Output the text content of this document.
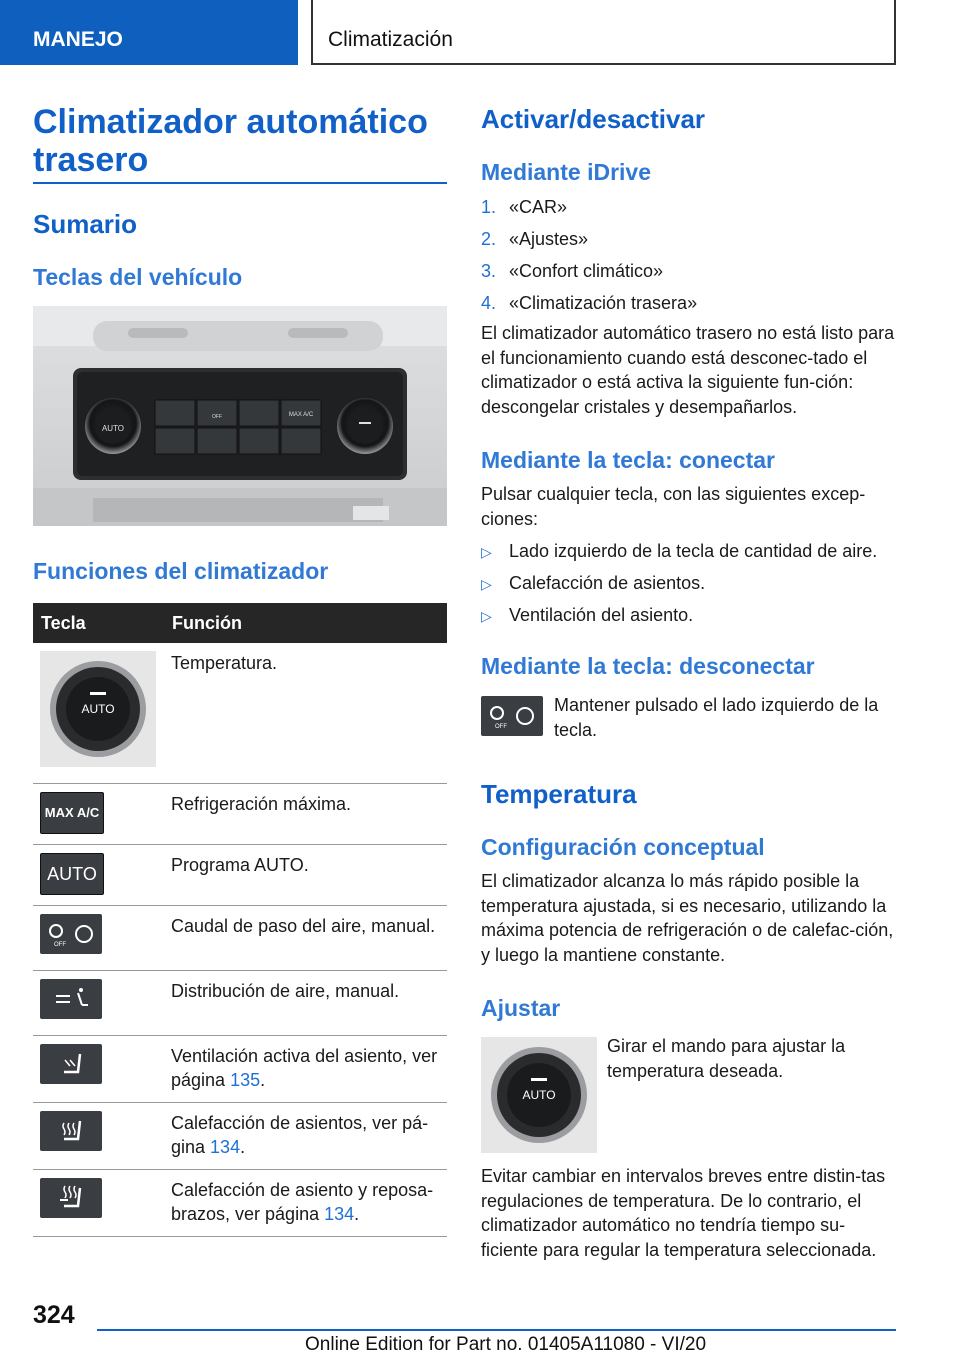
MANEJO	Climatización
Climatizador automático trasero
Sumario
Teclas del vehículo
AUTO
MAX A/C
OFF
Funciones del climatizador
Tecla	Función

AUTO	Temperatura.

MAX A/C	Refrigeración máxima.

AUTO	Programa AUTO.

OFF	Caudal de paso del aire, manual.
	Distribución de aire, manual.
	Ventilación activa del asiento, ver página 135.
	Calefacción de asientos, ver pá-gina 134.
	Calefacción de asiento y reposa-brazos, ver página 134.
Activar/desactivar
Mediante iDrive
1. «CAR»
2. «Ajustes»
3. «Confort climático»
4. «Climatización trasera»

El climatizador automático trasero no está listo para el funcionamiento cuando está desconec-tado el climatizador o está activa la siguiente fun-ción: descongelar cristales y desempañarlos.

Mediante la tecla: conectar

Pulsar cualquier tecla, con las siguientes excep-ciones:

▷ Lado izquierdo de la tecla de cantidad de aire.
▷ Calefacción de asientos.
▷ Ventilación del asiento.
Mediante la tecla: desconectar
OFF

Mantener pulsado el lado izquierdo de la tecla.

Temperatura
Configuración conceptual

El climatizador alcanza lo más rápido posible la temperatura ajustada, si es necesario, utilizando la máxima potencia de refrigeración o de calefac-ción, y luego la mantiene constante.

Ajustar
AUTO

Girar el mando para ajustar la temperatura deseada.

Evitar cambiar en intervalos breves entre distin-tas regulaciones de temperatura. De lo contrario, el climatizador automático no tendría tiempo su-ficiente para regular la temperatura seleccionada.

324
Online Edition for Part no. 01405A11080 - VI/20
